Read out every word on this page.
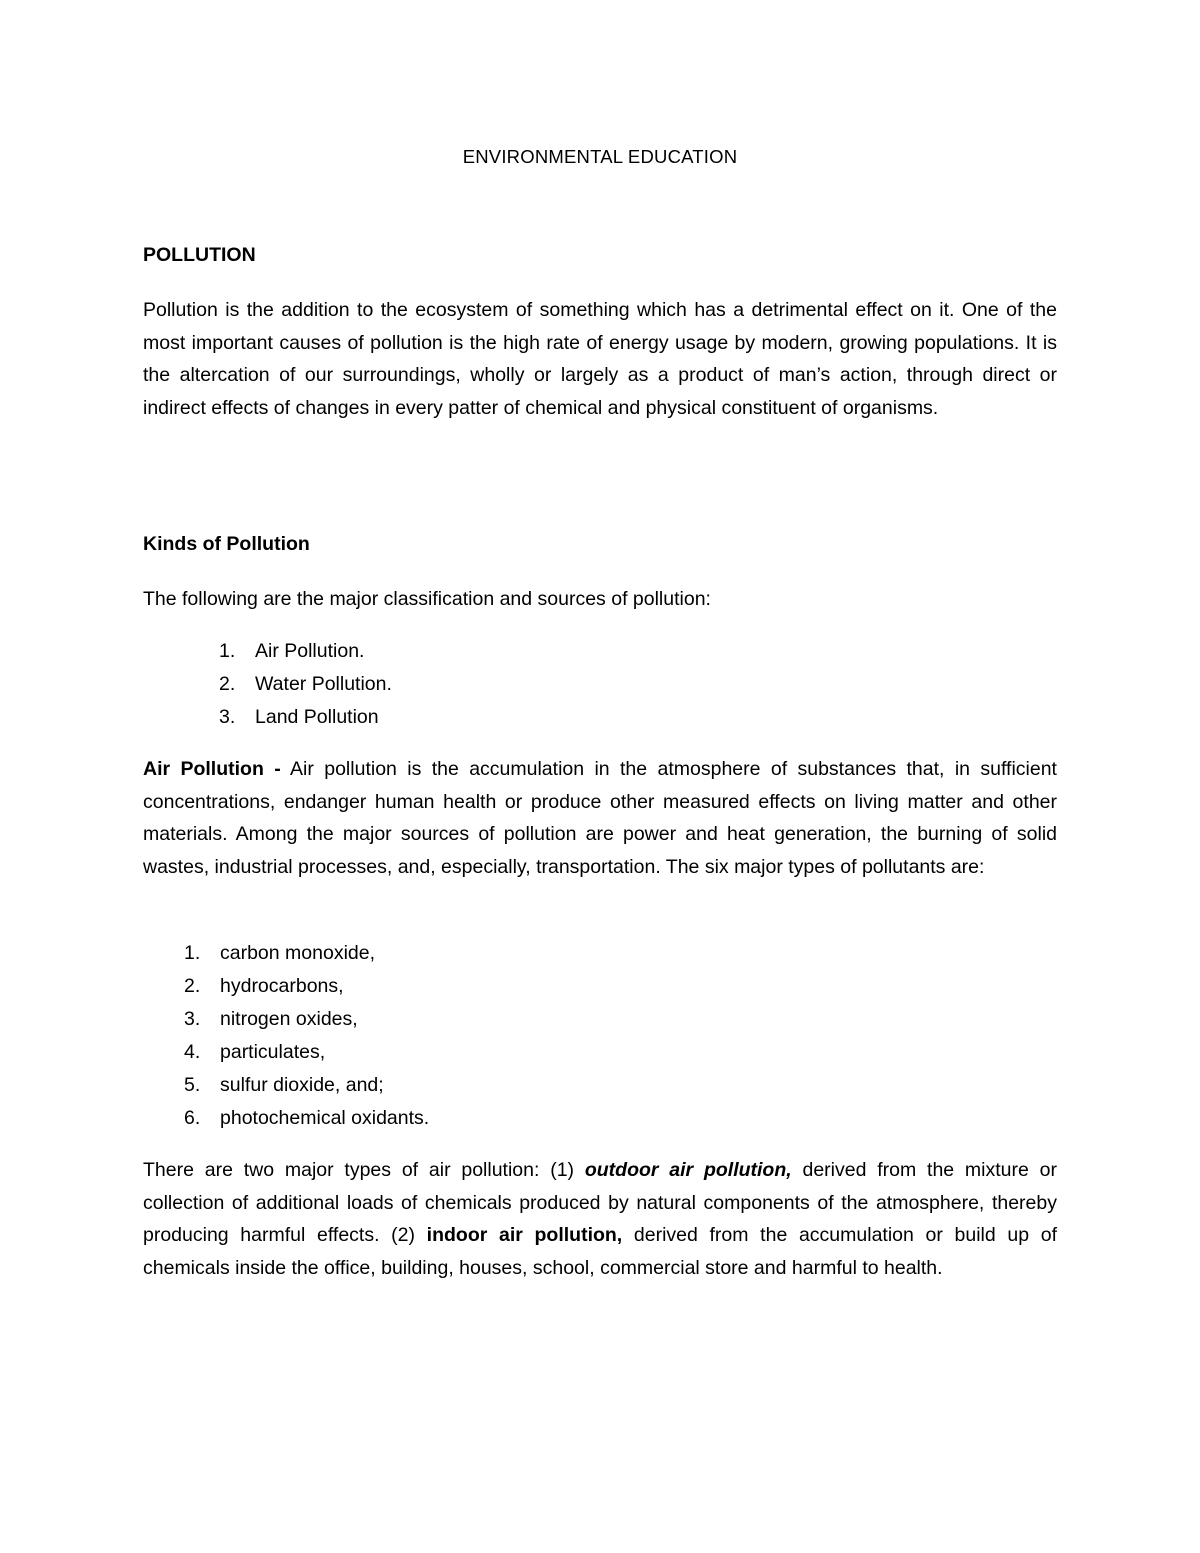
ENVIRONMENTAL EDUCATION
POLLUTION

Pollution is the addition to the ecosystem of something which has a detrimental effect on it. One of the most important causes of pollution is the high rate of energy usage by modern, growing populations. It is the altercation of our surroundings, wholly or largely as a product of man’s action, through direct or indirect effects of changes in every patter of chemical and physical constituent of organisms.

Kinds of Pollution

The following are the major classification and sources of pollution:

1. Air Pollution.
2. Water Pollution.
3. Land Pollution

Air Pollution - Air pollution is the accumulation in the atmosphere of substances that, in sufficient concentrations, endanger human health or produce other measured effects on living matter and other materials. Among the major sources of pollution are power and heat generation, the burning of solid wastes, industrial processes, and, especially, transportation. The six major types of pollutants are:

1. carbon monoxide,
2. hydrocarbons,
3. nitrogen oxides,
4. particulates,
5. sulfur dioxide, and;
6. photochemical oxidants.

There are two major types of air pollution: (1) outdoor air pollution, derived from the mixture or collection of additional loads of chemicals produced by natural components of the atmosphere, thereby producing harmful effects. (2) indoor air pollution, derived from the accumulation or build up of chemicals inside the office, building, houses, school, commercial store and harmful to health.
